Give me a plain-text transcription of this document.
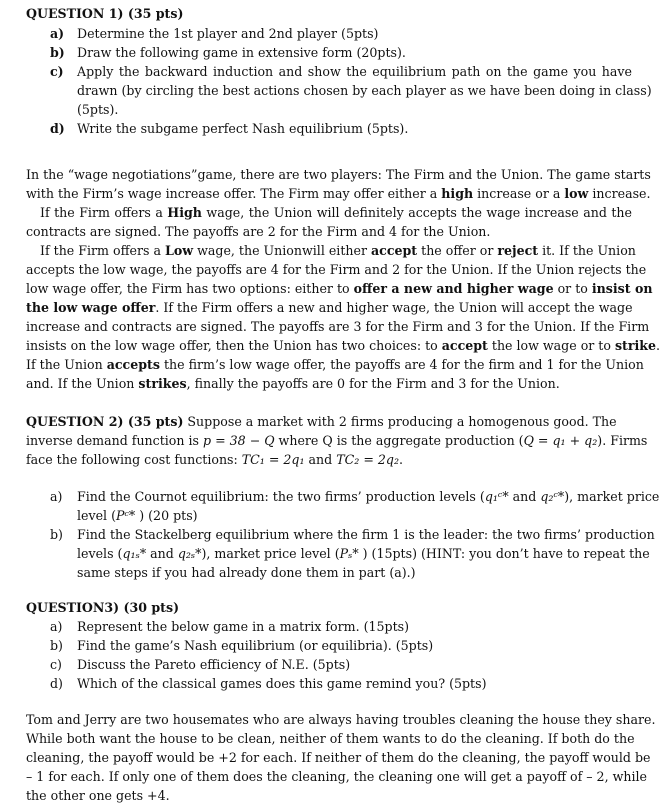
QUESTION 1) (35 pts)
a) Determine the 1st player and 2nd player (5pts)
b) Draw the following game in extensive form (20pts).
c) Apply the backward induction and show the equilibrium path on the game you have
drawn (by circling the best actions chosen by each player as we have been doing in class)
(5pts).
d) Write the subgame perfect Nash equilibrium (5pts).
In the “wage negotiations”game, there are two players: The Firm and the Union. The game starts
with the Firm’s wage increase offer. The Firm may offer either a high increase or a low increase.
If the Firm offers a High wage, the Union will definitely accepts the wage increase and the
contracts are signed. The payoffs are 2 for the Firm and 4 for the Union.
If the Firm offers a Low wage, the Unionwill either accept the offer or reject it. If the Union
accepts the low wage, the payoffs are 4 for the Firm and 2 for the Union. If the Union rejects the
low wage offer, the Firm has two options: either to offer a new and higher wage or to insist on
the low wage offer. If the Firm offers a new and higher wage, the Union will accept the wage
increase and contracts are signed. The payoffs are 3 for the Firm and 3 for the Union. If the Firm
insists on the low wage offer, then the Union has two choices: to accept the low wage or to strike.
If the Union accepts the firm’s low wage offer, the payoffs are 4 for the firm and 1 for the Union
and. If the Union strikes, finally the payoffs are 0 for the Firm and 3 for the Union.
QUESTION 2) (35 pts) Suppose a market with 2 firms producing a homogenous good. The
inverse demand function is p = 38 − Q where Q is the aggregate production (Q = q₁ + q₂). Firms
face the following cost functions: TC₁ = 2q₁ and TC₂ = 2q₂.
a) Find the Cournot equilibrium: the two firms’ production levels (q₁ᶜ* and q₂ᶜ*), market price
level (Pᶜ* ) (20 pts)
b) Find the Stackelberg equilibrium where the firm 1 is the leader: the two firms’ production
levels (q₁ₛ* and q₂ₛ*), market price level (Pₛ* ) (15pts) (HINT: you don’t have to repeat the
same steps if you had already done them in part (a).)
QUESTION3) (30 pts)
a) Represent the below game in a matrix form. (15pts)
b) Find the game’s Nash equilibrium (or equilibria). (5pts)
c) Discuss the Pareto efficiency of N.E. (5pts)
d) Which of the classical games does this game remind you? (5pts)
Tom and Jerry are two housemates who are always having troubles cleaning the house they share.
While both want the house to be clean, neither of them wants to do the cleaning. If both do the
cleaning, the payoff would be +2 for each. If neither of them do the cleaning, the payoff would be
– 1 for each. If only one of them does the cleaning, the cleaning one will get a payoff of – 2, while
the other one gets +4.
